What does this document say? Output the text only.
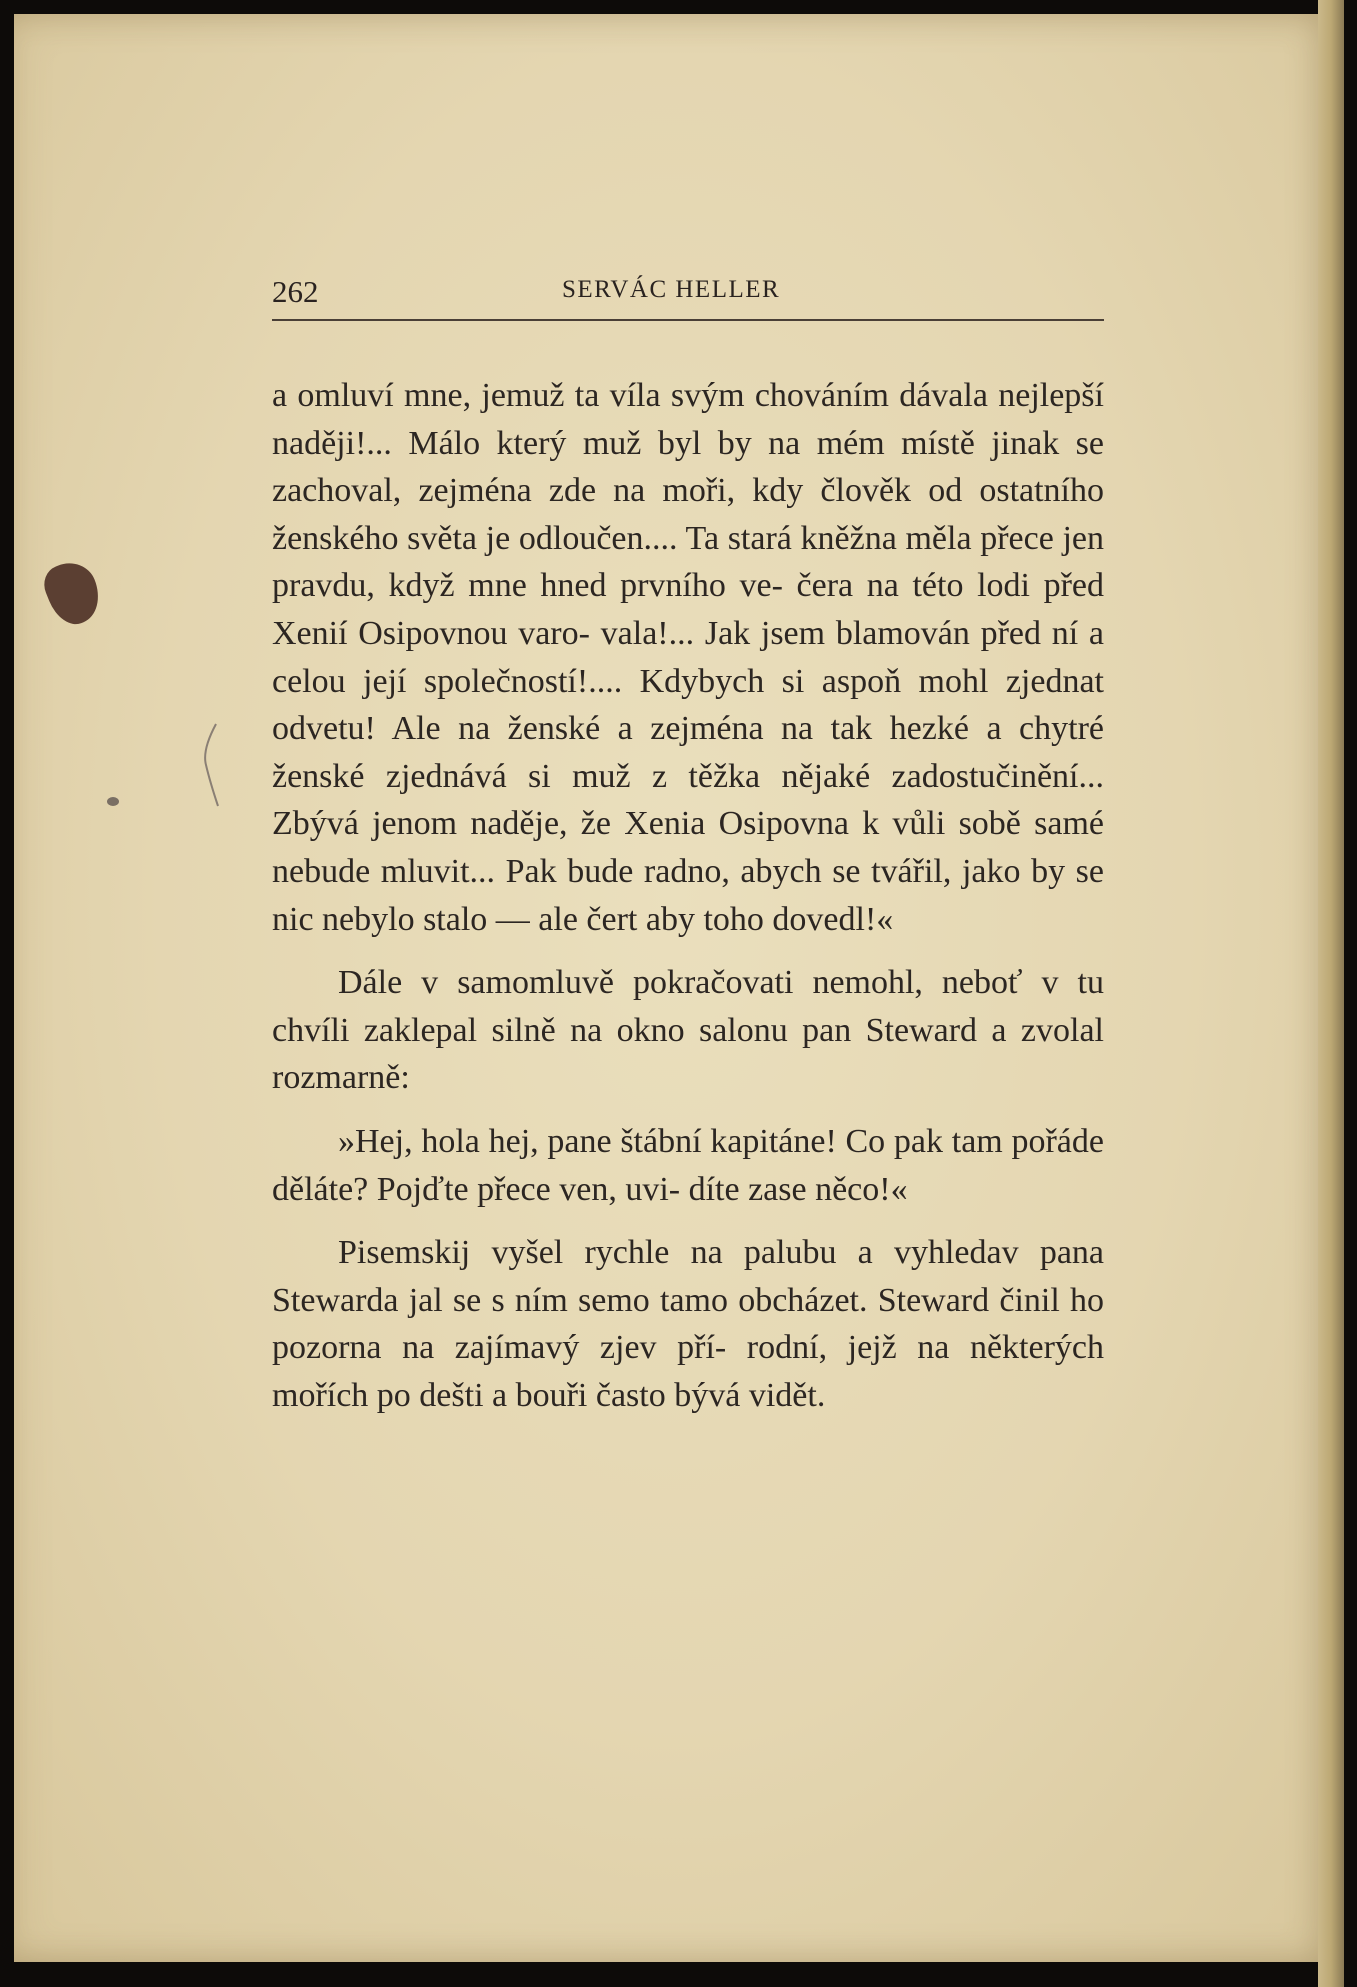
262	SERVÁC HELLER

a omluví mne, jemuž ta víla svým chováním dávala nejlepší naději!... Málo který muž byl by na mém místě jinak se zachoval, zejména zde na moři, kdy člověk od ostatního ženského světa je odloučen.... Ta stará kněžna měla přece jen pravdu, když mne hned prvního ve- čera na této lodi před Xenií Osipovnou varo- vala!... Jak jsem blamován před ní a celou její společností!.... Kdybych si aspoň mohl zjednat odvetu! Ale na ženské a zejména na tak hezké a chytré ženské zjednává si muž z těžka nějaké zadostučinění... Zbývá jenom naděje, že Xenia Osipovna k vůli sobě samé nebude mluvit... Pak bude radno, abych se tvářil, jako by se nic nebylo stalo — ale čert aby toho dovedl!«

Dále v samomluvě pokračovati nemohl, neboť v tu chvíli zaklepal silně na okno salonu pan Steward a zvolal rozmarně:

»Hej, hola hej, pane štábní kapitáne! Co pak tam pořáde děláte? Pojďte přece ven, uvi- díte zase něco!«

Pisemskij vyšel rychle na palubu a vyhledav pana Stewarda jal se s ním semo tamo obcházet. Steward činil ho pozorna na zajímavý zjev pří- rodní, jejž na některých mořích po dešti a bouři často bývá vidět.
